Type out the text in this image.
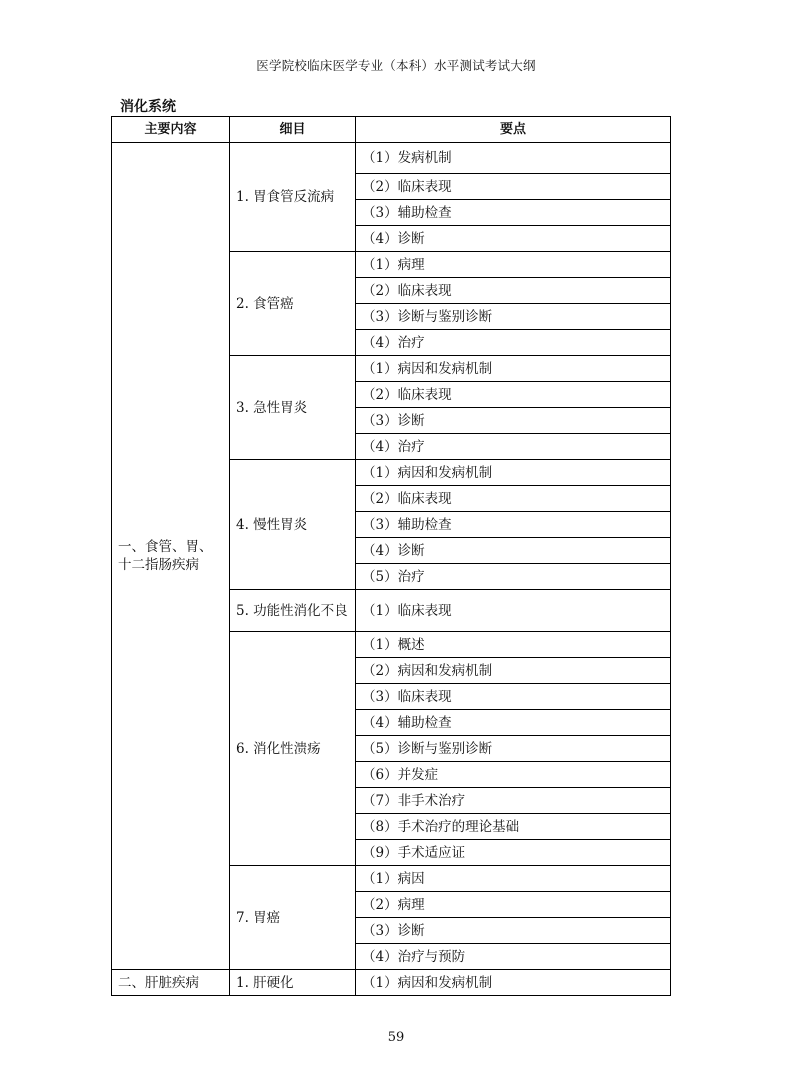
医学院校临床医学专业（本科）水平测试考试大纲
消化系统
主要内容	细目	要点
一、食管、胃、十二指肠疾病	1. 胃食管反流病	（1）发病机制
		（2）临床表现
		（3）辅助检查
		（4）诊断
	2. 食管癌	（1）病理
		（2）临床表现
		（3）诊断与鉴别诊断
		（4）治疗
	3. 急性胃炎	（1）病因和发病机制
		（2）临床表现
		（3）诊断
		（4）治疗
	4. 慢性胃炎	（1）病因和发病机制
		（2）临床表现
		（3）辅助检查
		（4）诊断
		（5）治疗
	5. 功能性消化不良	（1）临床表现
	6. 消化性溃疡	（1）概述
		（2）病因和发病机制
		（3）临床表现
		（4）辅助检查
		（5）诊断与鉴别诊断
		（6）并发症
		（7）非手术治疗
		（8）手术治疗的理论基础
		（9）手术适应证
	7. 胃癌	（1）病因
		（2）病理
		（3）诊断
		（4）治疗与预防
二、肝脏疾病	1. 肝硬化	（1）病因和发病机制
59
